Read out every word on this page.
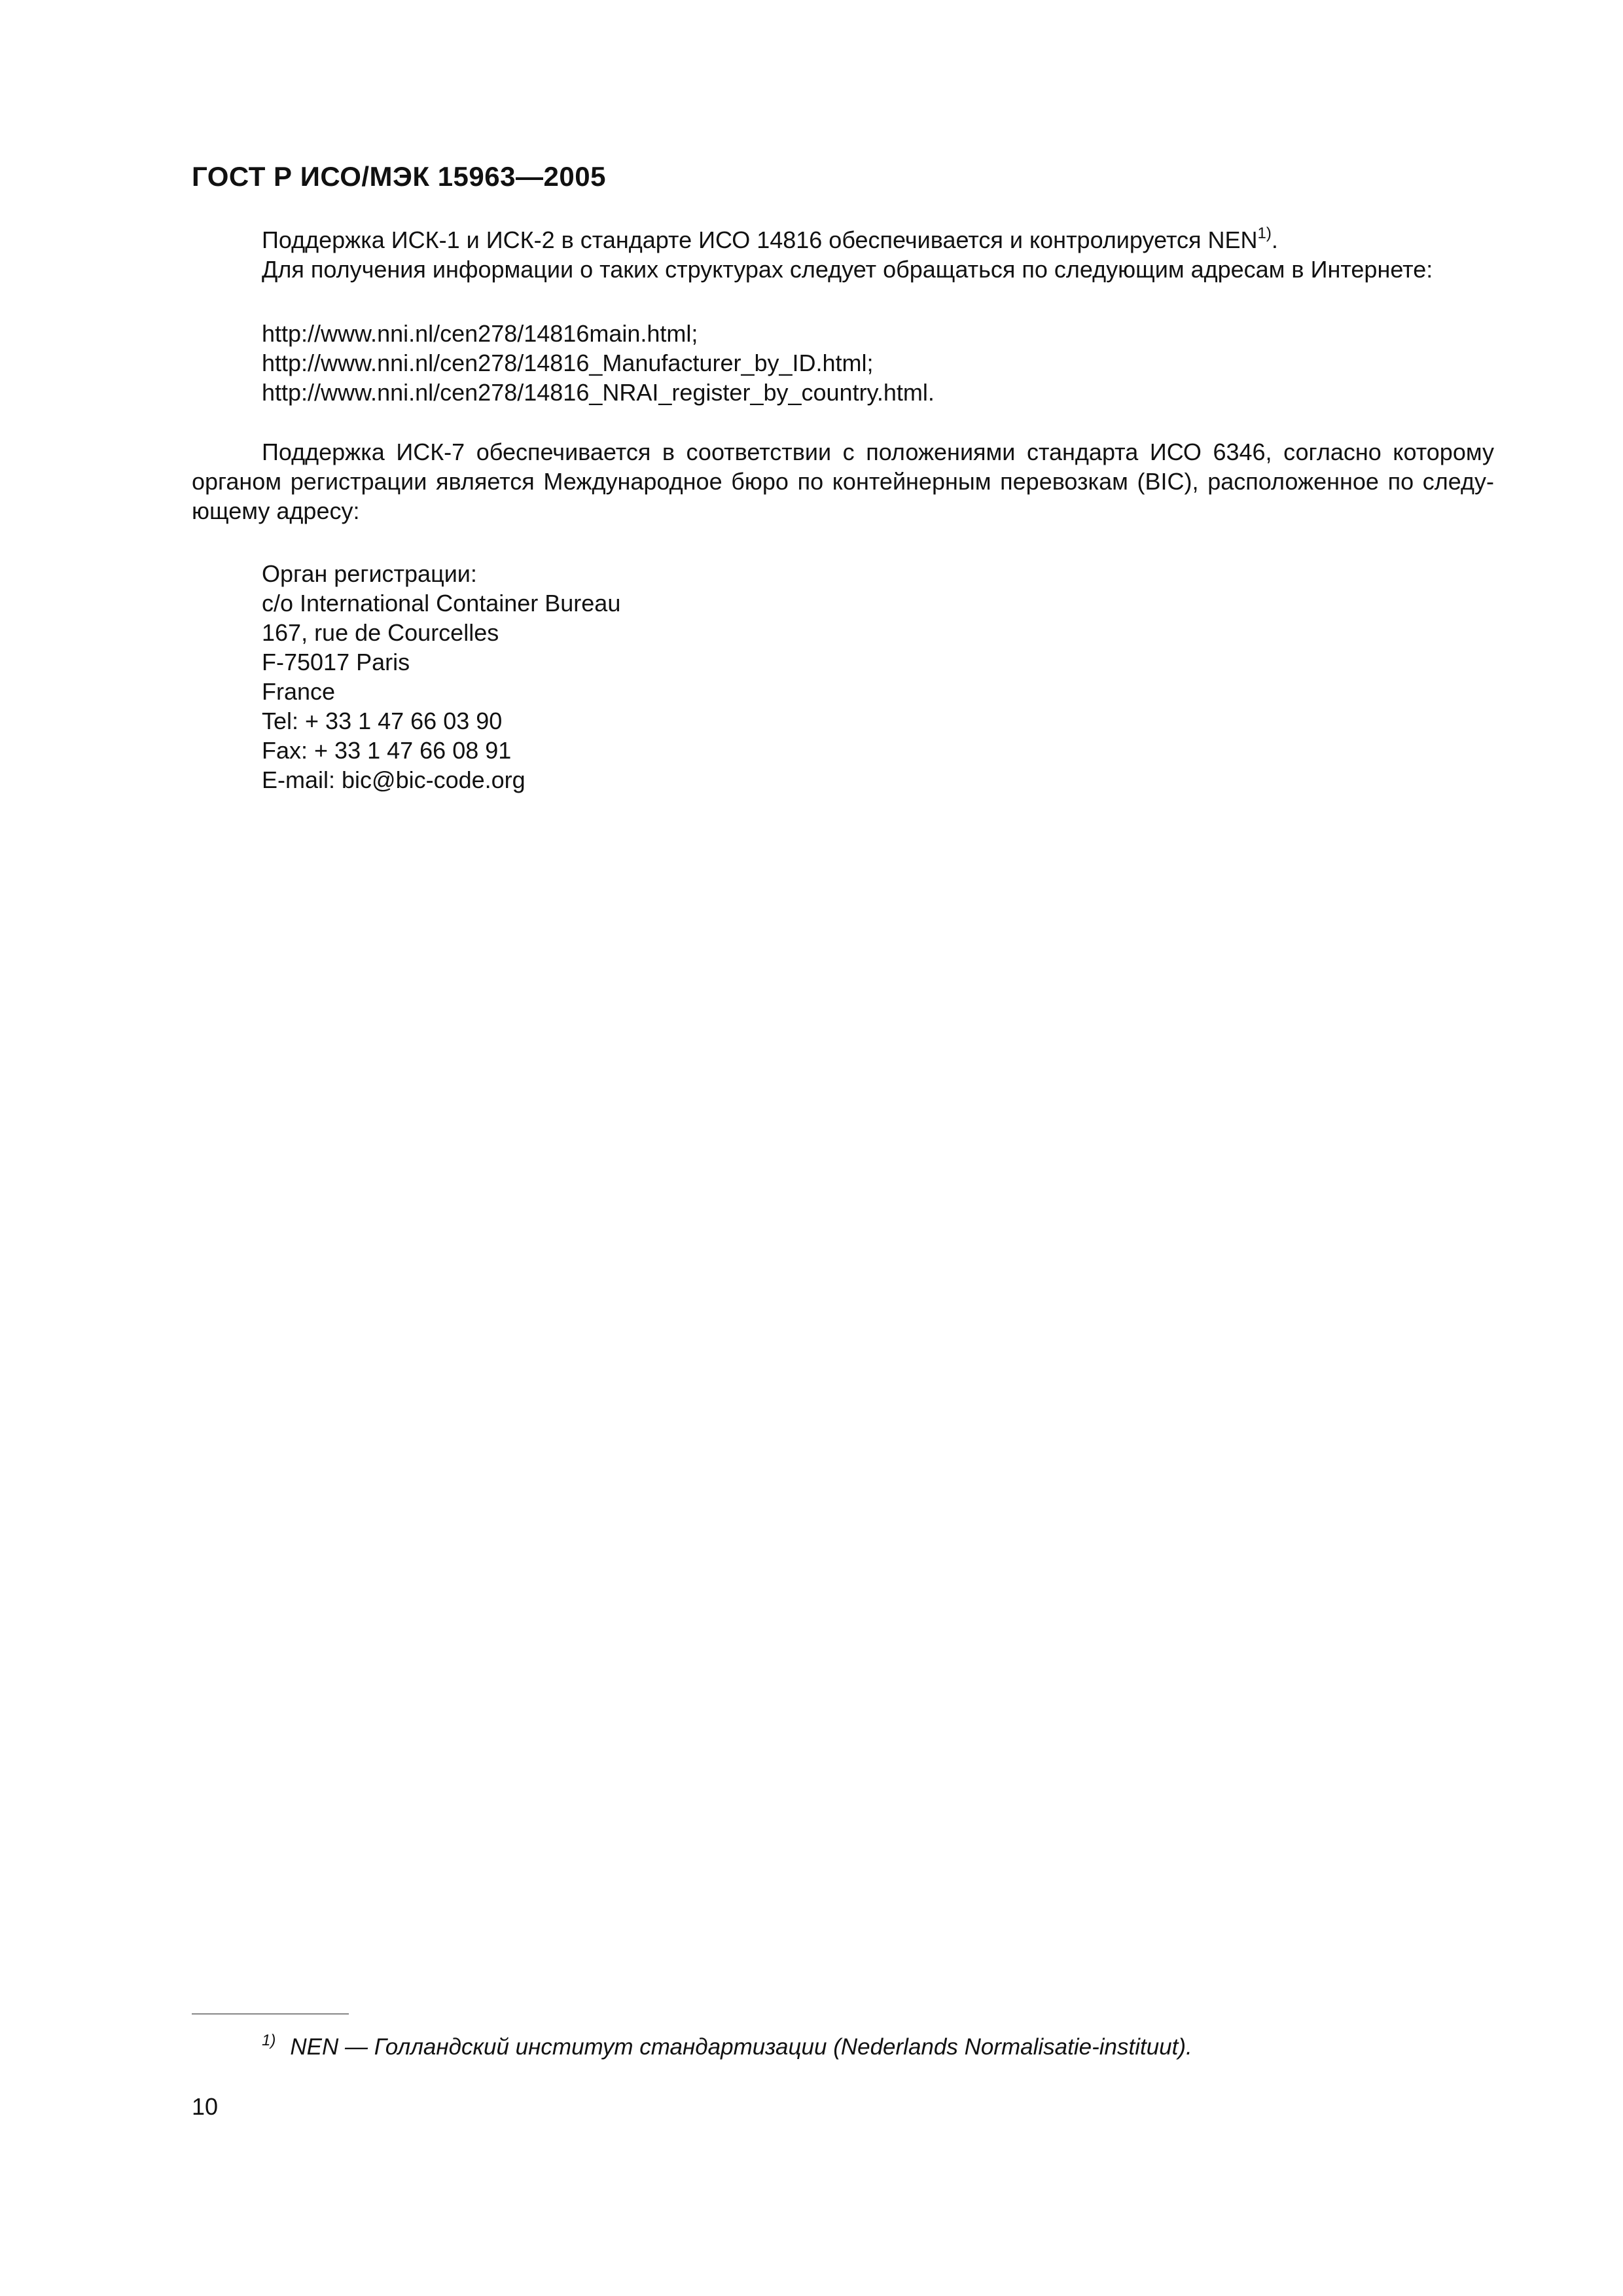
ГОСТ Р ИСО/МЭК 15963—2005
Поддержка ИСК-1 и ИСК-2 в стандарте ИСО 14816 обеспечивается и контролируется NEN$^{1)}$.
Для получения информации о таких структурах следует обращаться по следующим адресам в Интернете:
http://www.nni.nl/cen278/14816main.html;
http://www.nni.nl/cen278/14816_Manufacturer_by_ID.html;
http://www.nni.nl/cen278/14816_NRAI_register_by_country.html.
Поддержка ИСК-7 обеспечивается в соответствии с положениями стандарта ИСО 6346, согласно которому органом регистрации является Международное бюро по контейнерным перевозкам (BIC), расположенное по следу-ющему адресу:
Орган регистрации:
c/o International Container Bureau
167, rue de Courcelles
F-75017 Paris
France
Tel: + 33 1 47 66 03 90
Fax: + 33 1 47 66 08 91
E-mail: bic@bic-code.org
$^{1)}$ NEN — Голландский институт стандартизации (Nederlands Normalisatie-instituut).
10
